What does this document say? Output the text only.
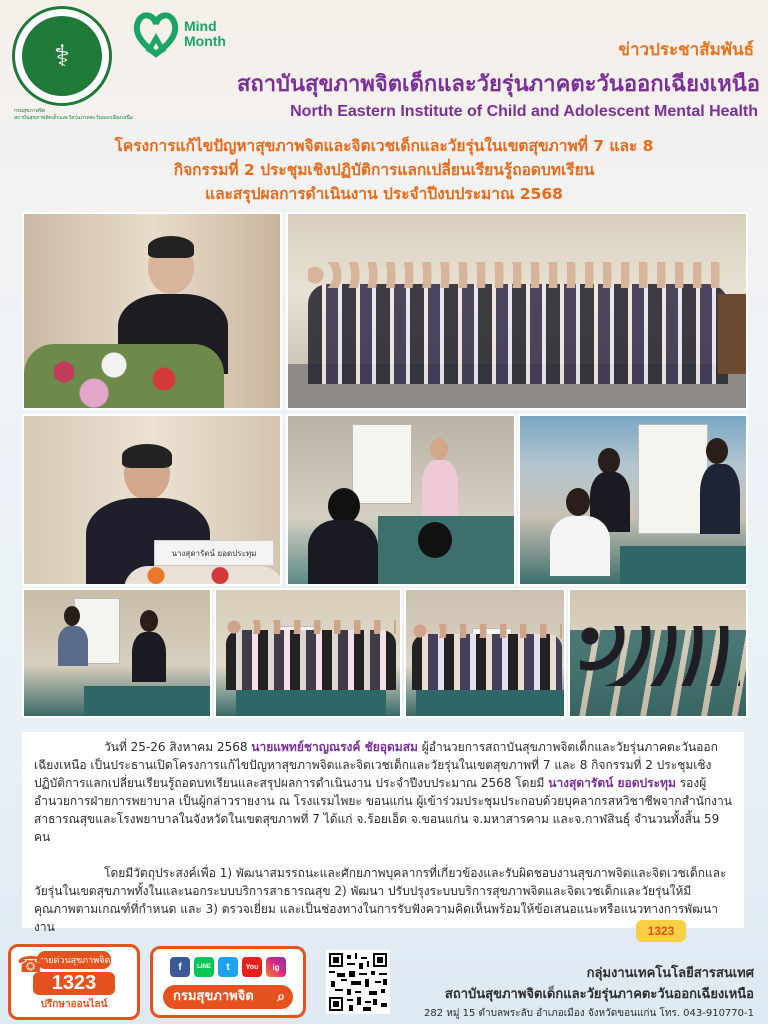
⚕
กรมสุขภาพจิต
สถาบันสุขภาพจิตเด็กและวัยรุ่นภาคตะวันออกเฉียงเหนือ
Mind
Month	ข่าวประชาสัมพันธ์
สถาบันสุขภาพจิตเด็กและวัยรุ่นภาคตะวันออกเฉียงเหนือ
North Eastern Institute of Child and Adolescent Mental Health
โครงการแก้ไขปัญหาสุขภาพจิตและจิตเวชเด็กและวัยรุ่นในเขตสุขภาพที่ 7 และ 8
กิจกรรมที่ 2 ประชุมเชิงปฏิบัติการแลกเปลี่ยนเรียนรู้ถอดบทเรียน
และสรุปผลการดำเนินงาน ประจำปีงบประมาณ 2568
นางสุดารัตน์ ยอดประทุม

วันที่ 25-26 สิงหาคม 2568 นายแพทย์ชาญณรงค์ ชัยอุดมสม ผู้อำนวยการสถาบันสุขภาพจิตเด็กและวัยรุ่นภาคตะวันออกเฉียงเหนือ เป็นประธานเปิดโครงการแก้ไขปัญหาสุขภาพจิตและจิตเวชเด็กและวัยรุ่นในเขตสุขภาพที่ 7 และ 8 กิจกรรมที่ 2 ประชุมเชิงปฏิบัติการแลกเปลี่ยนเรียนรู้ถอดบทเรียนและสรุปผลการดำเนินงาน ประจำปีงบประมาณ 2568 โดยมี นางสุดารัตน์ ยอดประทุม รองผู้อำนวยการฝ่ายการพยาบาล เป็นผู้กล่าวรายงาน ณ โรงแรมไพยะ ขอนแก่น ผู้เข้าร่วมประชุมประกอบด้วยบุคลากรสหวิชาชีพจากสำนักงานสาธารณสุขและโรงพยาบาลในจังหวัดในเขตสุขภาพที่ 7 ได้แก่ จ.ร้อยเอ็ด จ.ขอนแก่น จ.มหาสารคาม และจ.กาฬสินธุ์ จำนวนทั้งสิ้น 59 คน

โดยมีวัตถุประสงค์เพื่อ 1) พัฒนาสมรรถนะและศักยภาพบุคลากรที่เกี่ยวข้องและรับผิดชอบงานสุขภาพจิตและจิตเวชเด็กและวัยรุ่นในเขตสุขภาพทั้งในและนอกระบบบริการสาธารณสุข 2) พัฒนา ปรับปรุงระบบบริการสุขภาพจิตและจิตเวชเด็กและวัยรุ่นให้มีคุณภาพตามเกณฑ์ที่กำหนด และ 3) ตรวจเยี่ยม และเป็นช่องทางในการรับฟังความคิดเห็นพร้อมให้ข้อเสนอแนะหรือแนวทางการพัฒนางาน	1323
☎
สายด่วนสุขภาพจิต
1323
ปรึกษาออนไลน์
f	LINE	t	You	ig
กรมสุขภาพจิต ⌕
กลุ่มงานเทคโนโลยีสารสนเทศ
สถาบันสุขภาพจิตเด็กและวัยรุ่นภาคตะวันออกเฉียงเหนือ
282 หมู่ 15 ตำบลพระลับ อำเภอเมือง จังหวัดขอนแก่น โทร. 043-910770-1
